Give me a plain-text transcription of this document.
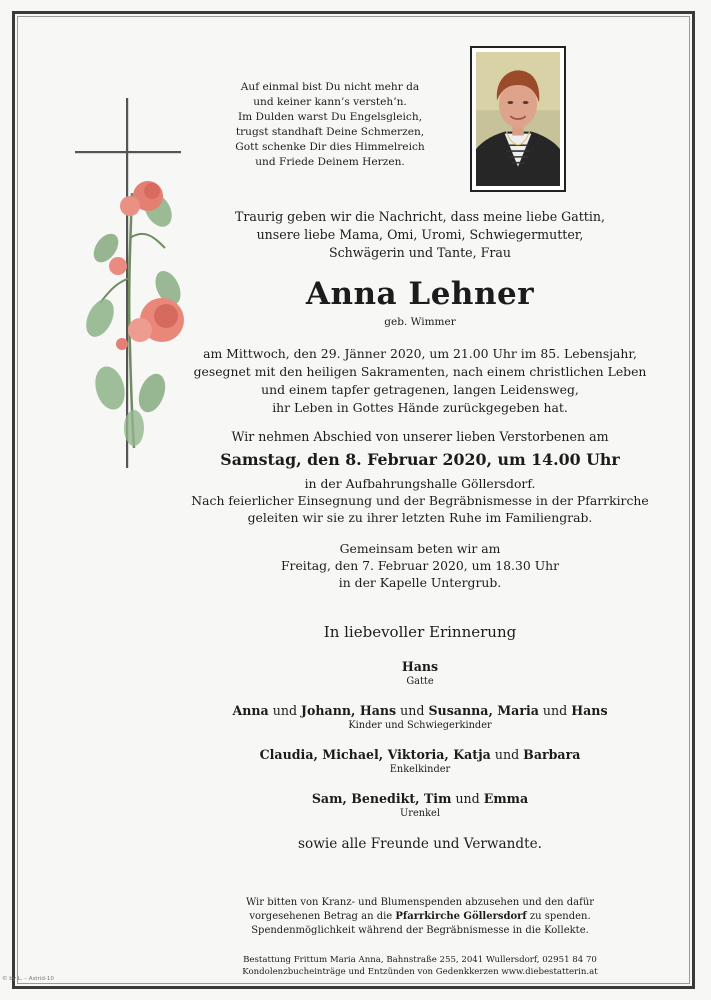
Auf einmal bist Du nicht mehr da
und keiner kann’s versteh’n.
Im Dulden warst Du Engelsgleich,
trugst standhaft Deine Schmerzen,
Gott schenke Dir dies Himmelreich
und Friede Deinem Herzen.
Traurig geben wir die Nachricht, dass meine liebe Gattin,
unsere liebe Mama, Omi, Uromi, Schwiegermutter,
Schwägerin und Tante, Frau
Anna Lehner
geb. Wimmer
am Mittwoch, den 29. Jänner 2020, um 21.00 Uhr im 85. Lebensjahr,
gesegnet mit den heiligen Sakramenten, nach einem christlichen Leben
und einem tapfer getragenen, langen Leidensweg,
ihr Leben in Gottes Hände zurückgegeben hat.
Wir nehmen Abschied von unserer lieben Verstorbenen am
Samstag, den 8. Februar 2020, um 14.00 Uhr
in der Aufbahrungshalle Göllersdorf.
Nach feierlicher Einsegnung und der Begräbnismesse in der Pfarrkirche
geleiten wir sie zu ihrer letzten Ruhe im Familiengrab.
Gemeinsam beten wir am
Freitag, den 7. Februar 2020, um 18.30 Uhr
in der Kapelle Untergrub.
In liebevoller Erinnerung
Hans
Gatte
Anna und Johann, Hans und Susanna, Maria und Hans
Kinder und Schwiegerkinder
Claudia, Michael, Viktoria, Katja und Barbara
Enkelkinder
Sam, Benedikt, Tim und Emma
Urenkel
sowie alle Freunde und Verwandte.
Wir bitten von Kranz- und Blumenspenden abzusehen und den dafür
vorgesehenen Betrag an die Pfarrkirche Göllersdorf zu spenden.
Spendenmöglichkeit während der Begräbnismesse in die Kollekte.
Bestattung Frittum Maria Anna, Bahnstraße 255, 2041 Wullersdorf, 02951 84 70
Kondolenzbucheinträge und Entzünden von Gedenkkerzen www.diebestatterin.at
© by L. – Astrid-10
